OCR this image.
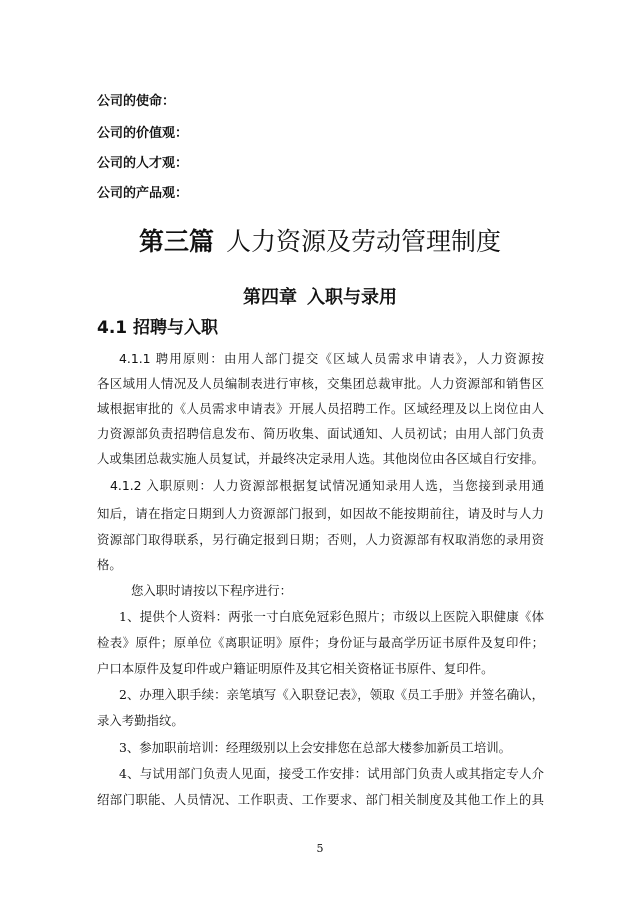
公司的使命：
公司的价值观：
公司的人才观：
公司的产品观：
第三篇 人力资源及劳动管理制度
第四章 入职与录用
4.1 招聘与入职
4.1.1 聘用原则：由用人部门提交《区域人员需求申请表》，人力资源按
各区域用人情况及人员编制表进行审核，交集团总裁审批。人力资源部和销售区
域根据审批的《人员需求申请表》开展人员招聘工作。区域经理及以上岗位由人
力资源部负责招聘信息发布、简历收集、面试通知、人员初试；由用人部门负责
人或集团总裁实施人员复试，并最终决定录用人选。其他岗位由各区域自行安排。
4.1.2 入职原则：人力资源部根据复试情况通知录用人选，当您接到录用通
知后，请在指定日期到人力资源部门报到，如因故不能按期前往，请及时与人力
资源部门取得联系，另行确定报到日期；否则，人力资源部有权取消您的录用资
格。
您入职时请按以下程序进行：
1、提供个人资料：两张一寸白底免冠彩色照片；市级以上医院入职健康《体
检表》原件；原单位《离职证明》原件；身份证与最高学历证书原件及复印件；
户口本原件及复印件或户籍证明原件及其它相关资格证书原件、复印件。
2、办理入职手续：亲笔填写《入职登记表》，领取《员工手册》并签名确认，
录入考勤指纹。
3、参加职前培训：经理级别以上会安排您在总部大楼参加新员工培训。
4、与试用部门负责人见面，接受工作安排：试用部门负责人或其指定专人介
绍部门职能、人员情况、工作职责、工作要求、部门相关制度及其他工作上的具
5
